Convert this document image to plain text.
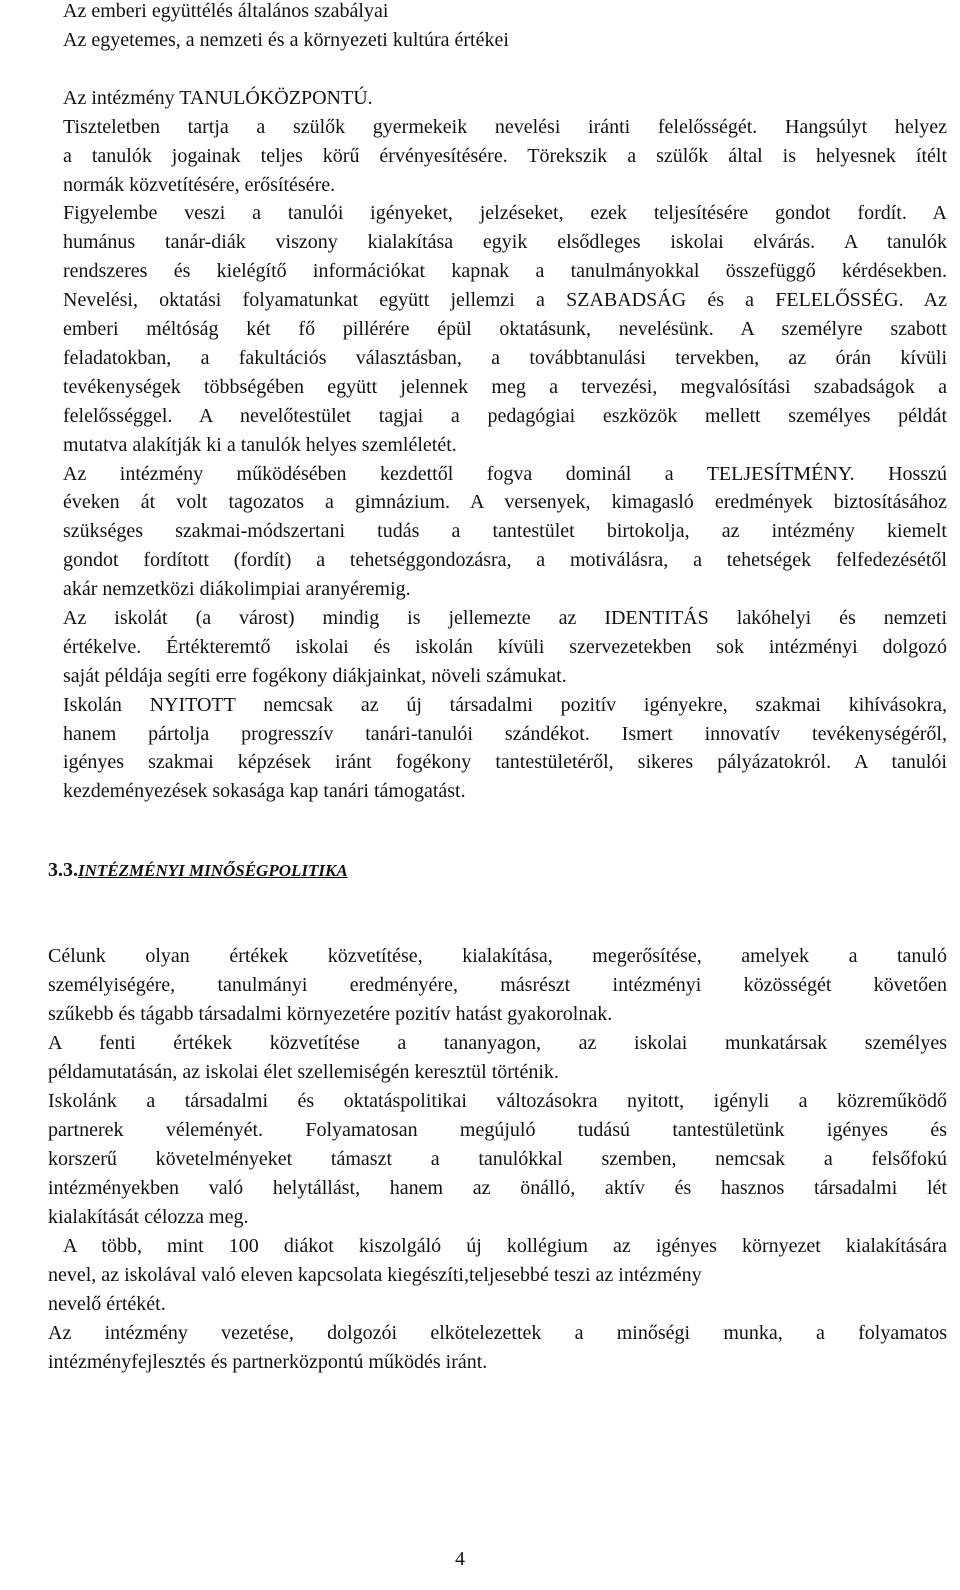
Az emberi együttélés általános szabályai

Az egyetemes, a nemzeti és a környezeti kultúra értékei

Az intézmény TANULÓKÖZPONTÚ.

Tiszteletben tartja a szülők gyermekeik nevelési iránti felelősségét. Hangsúlyt helyez

a tanulók jogainak teljes körű érvényesítésére. Törekszik a szülők által is helyesnek ítélt

normák közvetítésére, erősítésére.

Figyelembe veszi a tanulói igényeket, jelzéseket, ezek teljesítésére gondot fordít. A

humánus tanár-diák viszony kialakítása egyik elsődleges iskolai elvárás. A tanulók

rendszeres és kielégítő információkat kapnak a tanulmányokkal összefüggő kérdésekben.

Nevelési, oktatási folyamatunkat együtt jellemzi a SZABADSÁG és a FELELŐSSÉG. Az

emberi méltóság két fő pillérére épül oktatásunk, nevelésünk. A személyre szabott

feladatokban, a fakultációs választásban, a továbbtanulási tervekben, az órán kívüli

tevékenységek többségében együtt jelennek meg a tervezési, megvalósítási szabadságok a

felelősséggel. A nevelőtestület tagjai a pedagógiai eszközök mellett személyes példát

mutatva alakítják ki a tanulók helyes szemléletét.

Az intézmény működésében kezdettől fogva dominál a TELJESÍTMÉNY. Hosszú

éveken át volt tagozatos a gimnázium. A versenyek, kimagasló eredmények biztosításához

szükséges szakmai-módszertani tudás a tantestület birtokolja, az intézmény kiemelt

gondot fordított (fordít) a tehetséggondozásra, a motiválásra, a tehetségek felfedezésétől

akár nemzetközi diákolimpiai aranyéremig.

Az iskolát (a várost) mindig is jellemezte az IDENTITÁS lakóhelyi és nemzeti

értékelve. Értékteremtő iskolai és iskolán kívüli szervezetekben sok intézményi dolgozó

saját példája segíti erre fogékony diákjainkat, növeli számukat.

Iskolán NYITOTT nemcsak az új társadalmi pozitív igényekre, szakmai kihívásokra,

hanem pártolja progresszív tanári-tanulói szándékot. Ismert innovatív tevékenységéről,

igényes szakmai képzések iránt fogékony tantestületéről, sikeres pályázatokról. A tanulói

kezdeményezések sokasága kap tanári támogatást.

3.3.INTÉZMÉNYI MINŐSÉGPOLITIKA

Célunk olyan értékek közvetítése, kialakítása, megerősítése, amelyek a tanuló

személyiségére, tanulmányi eredményére, másrészt intézményi közösségét követően

szűkebb és tágabb társadalmi környezetére pozitív hatást gyakorolnak.

A fenti értékek közvetítése a tananyagon, az iskolai munkatársak személyes

példamutatásán, az iskolai élet szellemiségén keresztül történik.

Iskolánk a társadalmi és oktatáspolitikai változásokra nyitott, igényli a közreműködő

partnerek véleményét. Folyamatosan megújuló tudású tantestületünk igényes és

korszerű követelményeket támaszt a tanulókkal szemben, nemcsak a felsőfokú

intézményekben való helytállást, hanem az önálló, aktív és hasznos társadalmi lét

kialakítását célozza meg.

A több, mint 100 diákot kiszolgáló új kollégium az igényes környezet kialakítására

nevel, az iskolával való eleven kapcsolata kiegészíti,teljesebbé teszi az intézmény

nevelő értékét.

Az intézmény vezetése, dolgozói elkötelezettek a minőségi munka, a folyamatos

intézményfejlesztés és partnerközpontú működés iránt.

4
